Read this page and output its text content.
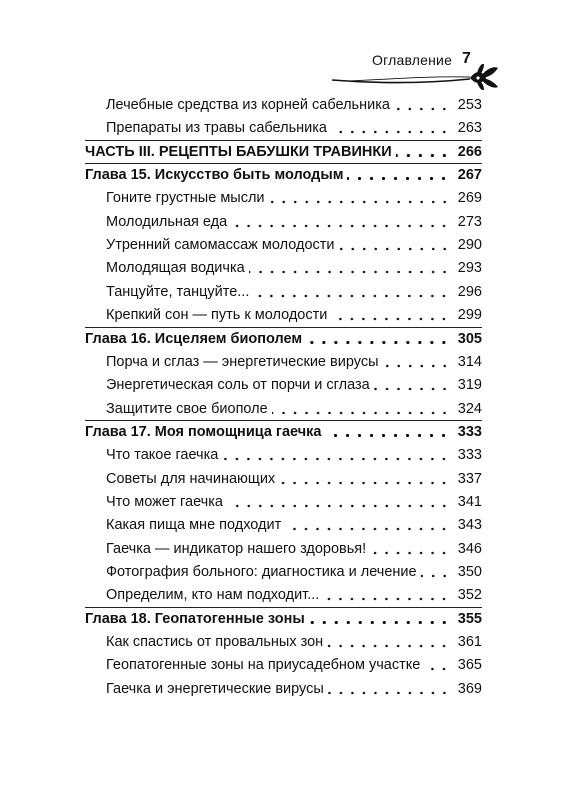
Оглавление 7
Лечебные средства из корней сабельника	253
Препараты из травы сабельника	263
ЧАСТЬ III. РЕЦЕПТЫ БАБУШКИ ТРАВИНКИ	266
Глава 15. Искусство быть молодым	267
Гоните грустные мысли	269
Молодильная еда	273
Утренний самомассаж молодости	290
Молодящая водичка	293
Танцуйте, танцуйте...	296
Крепкий сон — путь к молодости	299
Глава 16. Исцеляем биополем	305
Порча и сглаз — энергетические вирусы	314
Энергетическая соль от порчи и сглаза	319
Защитите свое биополе	324
Глава 17. Моя помощница гаечка	333
Что такое гаечка	333
Советы для начинающих	337
Что может гаечка	341
Какая пища мне подходит	343
Гаечка — индикатор нашего здоровья!	346
Фотография больного: диагностика и лечение	350
Определим, кто нам подходит...	352
Глава 18. Геопатогенные зоны	355
Как спастись от провальных зон	361
Геопатогенные зоны на приусадебном участке	365
Гаечка и энергетические вирусы	369
